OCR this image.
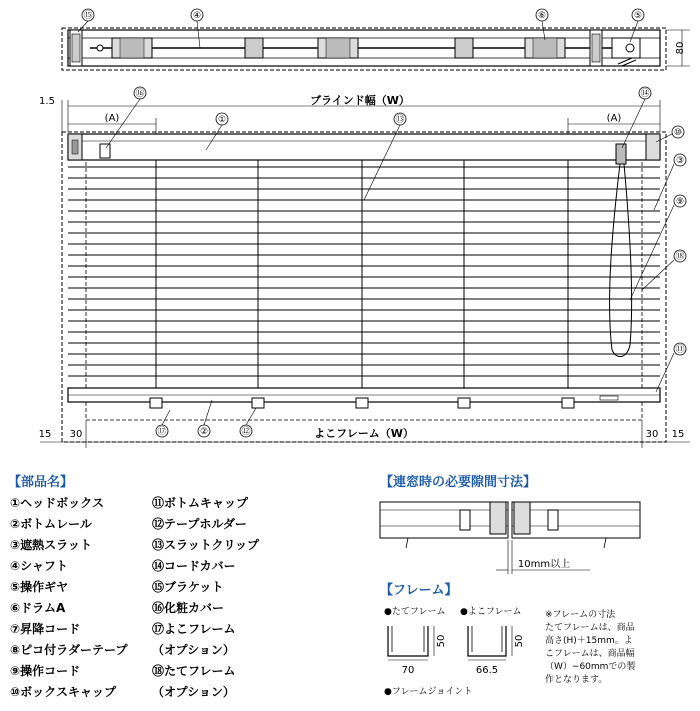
80
⑮	④	⑥	⑤
1.5	ブラインド幅（W）
(A)	(A)
15 30	よこフレーム（W）	30 15
⑯
①	⑬
⑭
⑩
③
⑨
⑱
⑪
⑰	②	⑫
【部品名】
①ヘッドボックス
②ボトムレール
③遮熱スラット
④シャフト
⑤操作ギヤ
⑥ドラムA
⑦昇降コード
⑧ピコ付ラダーテープ
⑨操作コード
⑩ボックスキャップ
⑪ボトムキャップ
⑫テープホルダー
⑬スラットクリップ
⑭コードカバー
⑮ブラケット
⑯化粧カバー
⑰よこフレーム
（オプション）
⑱たてフレーム
（オプション）
【連窓時の必要隙間寸法】
10mm以上
【フレーム】
●たてフレーム ●よこフレーム
●フレームジョイント
70
50
66.5
50
※フレームの寸法
たてフレームは、商品
高さ(H)＋15mm。よ
こフレームは、商品幅
（W）−60mmでの製
作となります。
